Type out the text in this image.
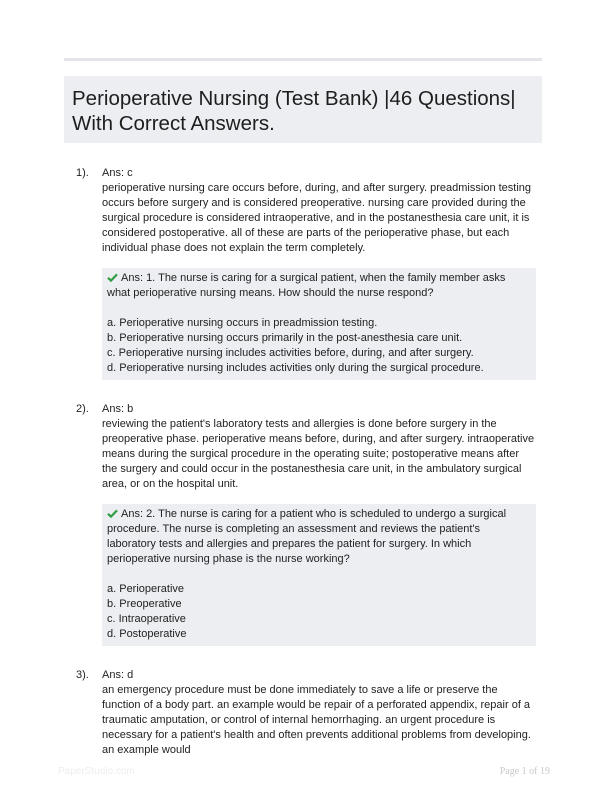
Perioperative Nursing (Test Bank) |46 Questions| With Correct Answers.
1). Ans: c
perioperative nursing care occurs before, during, and after surgery. preadmission testing occurs before surgery and is considered preoperative. nursing care provided during the surgical procedure is considered intraoperative, and in the postanesthesia care unit, it is considered postoperative. all of these are parts of the perioperative phase, but each individual phase does not explain the term completely.

Ans: 1. The nurse is caring for a surgical patient, when the family member asks what perioperative nursing means. How should the nurse respond?

a. Perioperative nursing occurs in preadmission testing.
b. Perioperative nursing occurs primarily in the post-anesthesia care unit.
c. Perioperative nursing includes activities before, during, and after surgery.
d. Perioperative nursing includes activities only during the surgical procedure.
2). Ans: b
reviewing the patient's laboratory tests and allergies is done before surgery in the preoperative phase. perioperative means before, during, and after surgery. intraoperative means during the surgical procedure in the operating suite; postoperative means after the surgery and could occur in the postanesthesia care unit, in the ambulatory surgical area, or on the hospital unit.

Ans: 2. The nurse is caring for a patient who is scheduled to undergo a surgical procedure. The nurse is completing an assessment and reviews the patient's laboratory tests and allergies and prepares the patient for surgery. In which perioperative nursing phase is the nurse working?

a. Perioperative
b. Preoperative
c. Intraoperative
d. Postoperative
3). Ans: d
an emergency procedure must be done immediately to save a life or preserve the function of a body part. an example would be repair of a perforated appendix, repair of a traumatic amputation, or control of internal hemorrhaging. an urgent procedure is necessary for a patient's health and often prevents additional problems from developing. an example would
PaperStudio.com	Page 1 of 19
